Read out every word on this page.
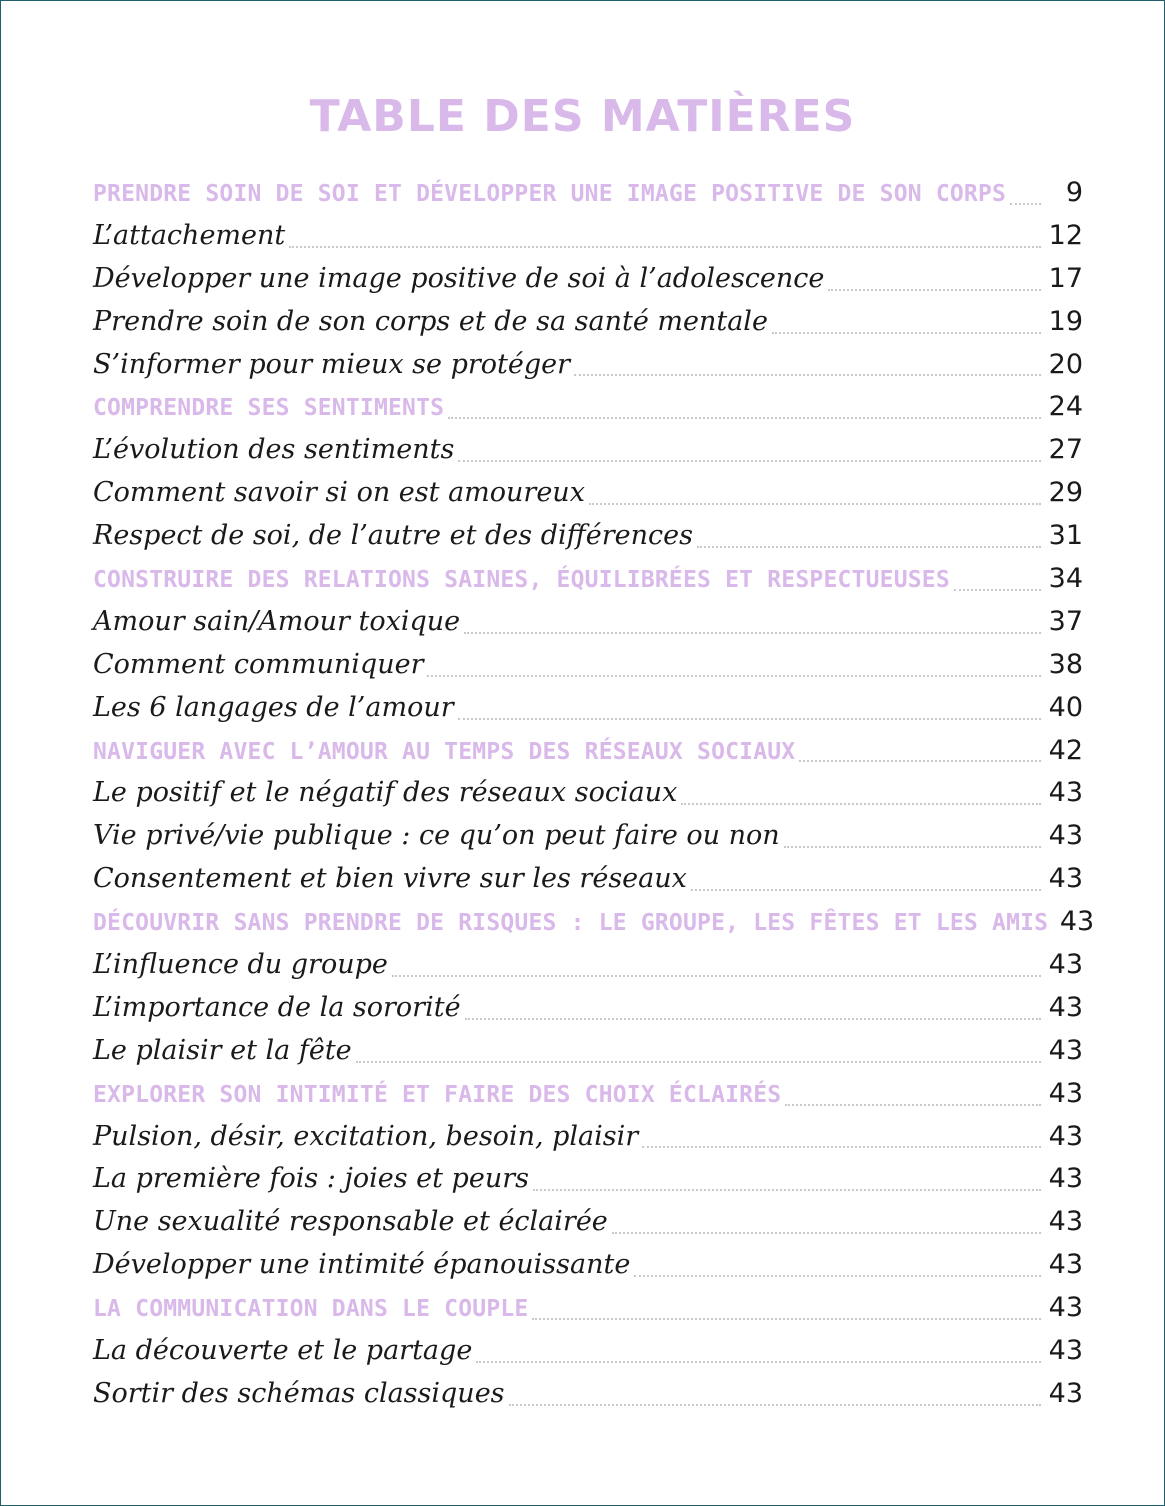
TABLE DES MATIÈRES
PRENDRE SOIN DE SOI ET DÉVELOPPER UNE IMAGE POSITIVE DE SON CORPS	9
L’attachement	12
Développer une image positive de soi à l’adolescence	17
Prendre soin de son corps et de sa santé mentale	19
S’informer pour mieux se protéger	20
COMPRENDRE SES SENTIMENTS	24
L’évolution des sentiments	27
Comment savoir si on est amoureux	29
Respect de soi, de l’autre et des différences	31
CONSTRUIRE DES RELATIONS SAINES, ÉQUILIBRÉES ET RESPECTUEUSES	34
Amour sain/Amour toxique	37
Comment communiquer	38
Les 6 langages de l’amour	40
NAVIGUER AVEC L’AMOUR AU TEMPS DES RÉSEAUX SOCIAUX	42
Le positif et le négatif des réseaux sociaux	43
Vie privé/vie publique : ce qu’on peut faire ou non	43
Consentement et bien vivre sur les réseaux	43
DÉCOUVRIR SANS PRENDRE DE RISQUES : LE GROUPE, LES FÊTES ET LES AMIS 43
L’influence du groupe	43
L’importance de la sororité	43
Le plaisir et la fête	43
EXPLORER SON INTIMITÉ ET FAIRE DES CHOIX ÉCLAIRÉS	43
Pulsion, désir, excitation, besoin, plaisir	43
La première fois : joies et peurs	43
Une sexualité responsable et éclairée	43
Développer une intimité épanouissante	43
LA COMMUNICATION DANS LE COUPLE	43
La découverte et le partage	43
Sortir des schémas classiques	43
